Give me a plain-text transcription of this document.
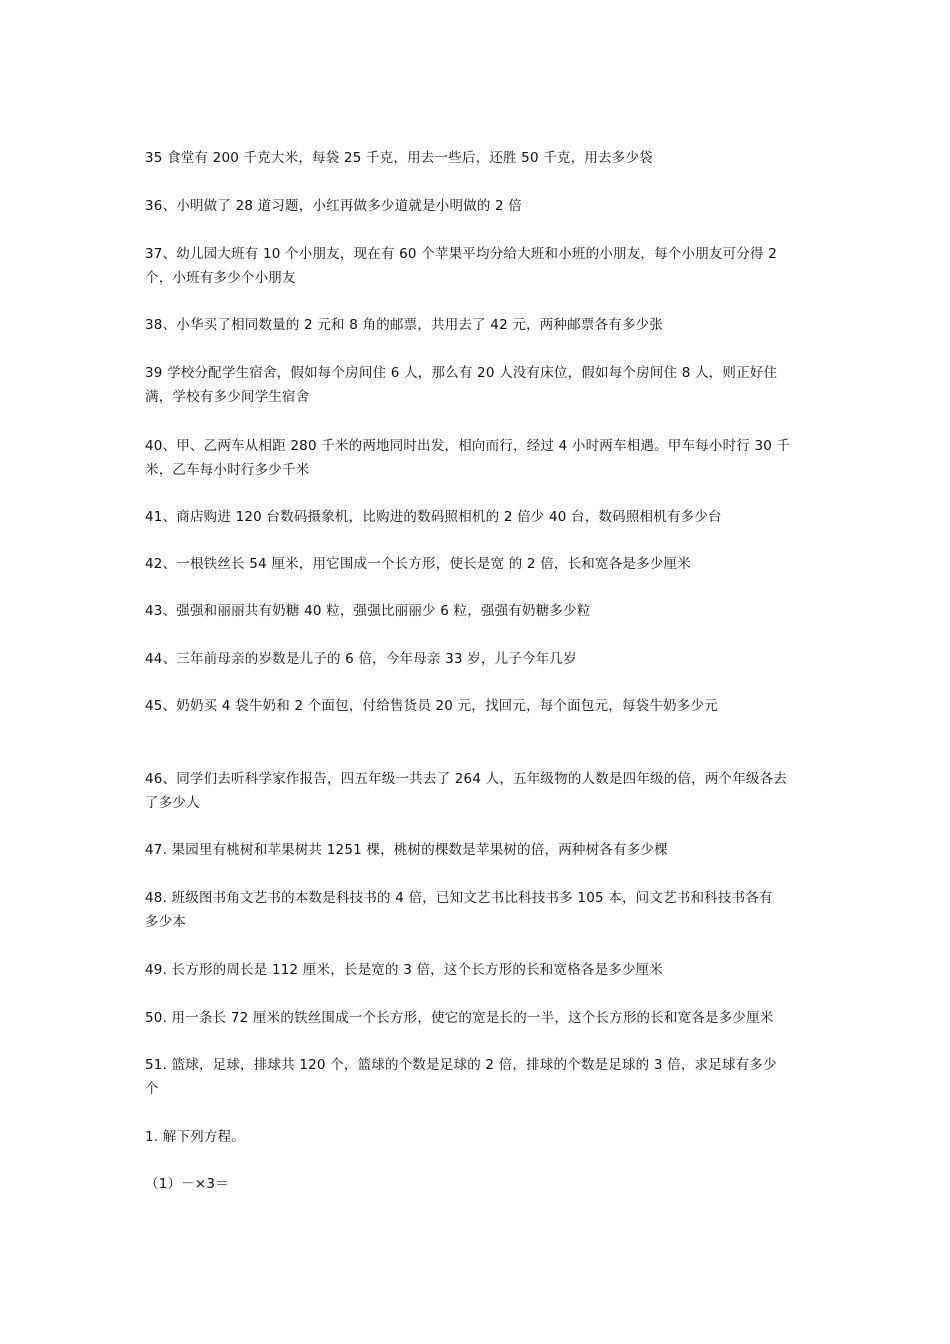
35 食堂有 200 千克大米，每袋 25 千克，用去一些后，还胜 50 千克，用去多少袋
36、小明做了 28 道习题，小红再做多少道就是小明做的 2 倍
37、幼儿园大班有 10 个小朋友，现在有 60 个苹果平均分给大班和小班的小朋友，每个小朋友可分得 2
个，小班有多少个小朋友
38、小华买了相同数量的 2 元和 8 角的邮票，共用去了 42 元，两种邮票各有多少张
39 学校分配学生宿舍，假如每个房间住 6 人，那么有 20 人没有床位，假如每个房间住 8 人，则正好住
满，学校有多少间学生宿舍
40、甲、乙两车从相距 280 千米的两地同时出发，相向而行，经过 4 小时两车相遇。甲车每小时行 30 千
米，乙车每小时行多少千米
41、商店购进 120 台数码摄象机，比购进的数码照相机的 2 倍少 40 台，数码照相机有多少台
42、一根铁丝长 54 厘米，用它围成一个长方形，使长是宽 的 2 倍，长和宽各是多少厘米
43、强强和丽丽共有奶糖 40 粒，强强比丽丽少 6 粒，强强有奶糖多少粒
44、三年前母亲的岁数是儿子的 6 倍，今年母亲 33 岁，儿子今年几岁
45、奶奶买 4 袋牛奶和 2 个面包，付给售货员 20 元，找回元，每个面包元，每袋牛奶多少元
46、同学们去听科学家作报告，四五年级一共去了 264 人，五年级物的人数是四年级的倍，两个年级各去
了多少人
47. 果园里有桃树和苹果树共 1251 棵，桃树的棵数是苹果树的倍，两种树各有多少棵
48. 班级图书角文艺书的本数是科技书的 4 倍，已知文艺书比科技书多 105 本，问文艺书和科技书各有
多少本
49. 长方形的周长是 112 厘米，长是宽的 3 倍，这个长方形的长和宽格各是多少厘米
50. 用一条长 72 厘米的铁丝围成一个长方形，使它的宽是长的一半，这个长方形的长和宽各是多少厘米
51. 篮球，足球，排球共 120 个，篮球的个数是足球的 2 倍，排球的个数是足球的 3 倍，求足球有多少
个
1. 解下列方程。
（1）－×3＝
